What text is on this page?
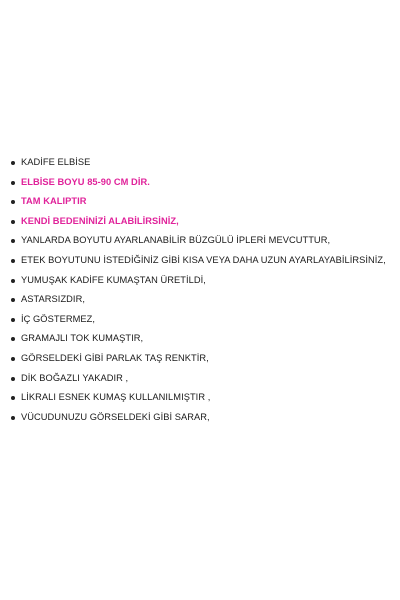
KADİFE ELBİSE
ELBİSE BOYU 85-90 CM DİR.
TAM KALIPTIR
KENDİ BEDENİNİZİ ALABİLİRSİNİZ,
YANLARDA BOYUTU AYARLANABİLİR BÜZGÜLÜ İPLERİ MEVCUTTUR,
ETEK BOYUTUNU İSTEDİĞİNİZ GİBİ KISA VEYA DAHA UZUN AYARLAYABİLİRSİNİZ,
YUMUŞAK KADİFE KUMAŞTAN ÜRETİLDİ,
ASTARSIZDIR,
İÇ GÖSTERMEZ,
GRAMAJLI TOK KUMAŞTIR,
GÖRSELDEKİ GİBİ PARLAK TAŞ RENKTİR,
DİK BOĞAZLI YAKADIR ,
LİKRALI ESNEK KUMAŞ KULLANILMIŞTIR ,
VÜCUDUNUZU GÖRSELDEKİ GİBİ SARAR,
